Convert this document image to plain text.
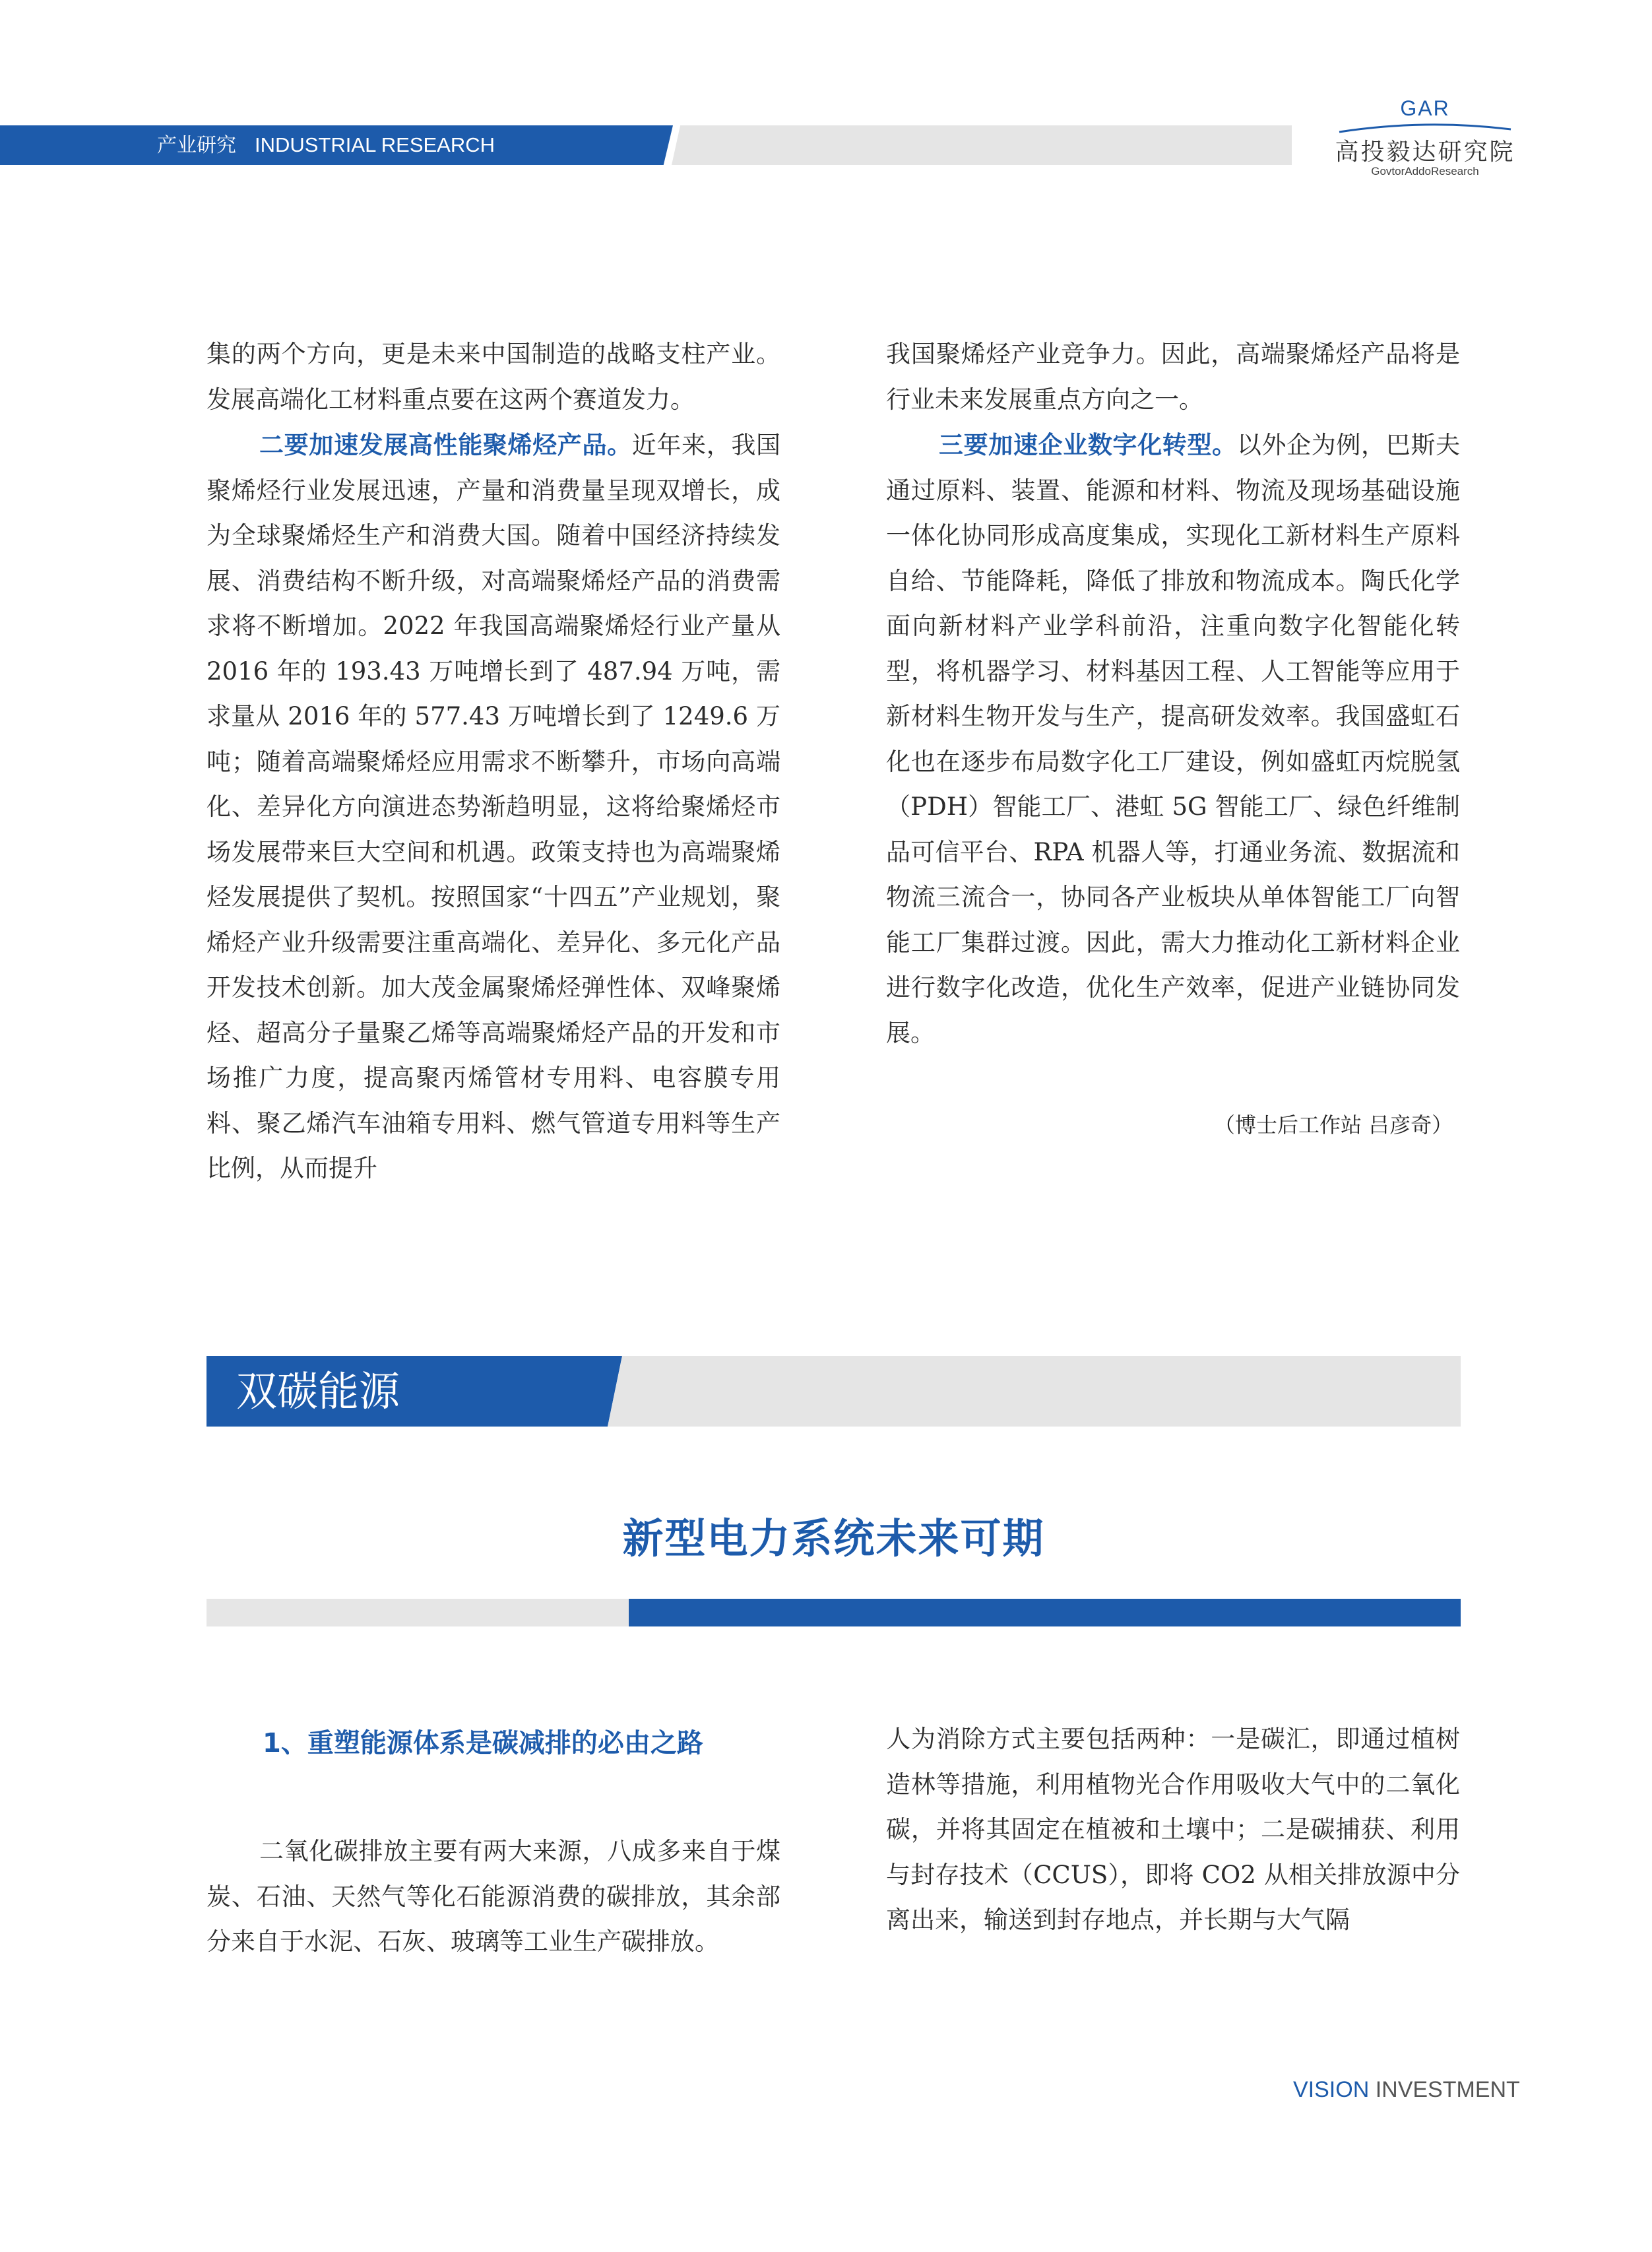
产业研究 INDUSTRIAL RESEARCH
GAR
高投毅达研究院
GovtorAddoResearch

集的两个方向，更是未来中国制造的战略支柱产业。发展高端化工材料重点要在这两个赛道发力。

二要加速发展高性能聚烯烃产品。近年来，我国聚烯烃行业发展迅速，产量和消费量呈现双增长，成为全球聚烯烃生产和消费大国。随着中国经济持续发展、消费结构不断升级，对高端聚烯烃产品的消费需求将不断增加。2022 年我国高端聚烯烃行业产量从 2016 年的 193.43 万吨增长到了 487.94 万吨，需求量从 2016 年的 577.43 万吨增长到了 1249.6 万吨；随着高端聚烯烃应用需求不断攀升，市场向高端化、差异化方向演进态势渐趋明显，这将给聚烯烃市场发展带来巨大空间和机遇。政策支持也为高端聚烯烃发展提供了契机。按照国家“十四五”产业规划，聚烯烃产业升级需要注重高端化、差异化、多元化产品开发技术创新。加大茂金属聚烯烃弹性体、双峰聚烯烃、超高分子量聚乙烯等高端聚烯烃产品的开发和市场推广力度，提高聚丙烯管材专用料、电容膜专用料、聚乙烯汽车油箱专用料、燃气管道专用料等生产比例，从而提升

我国聚烯烃产业竞争力。因此，高端聚烯烃产品将是行业未来发展重点方向之一。

三要加速企业数字化转型。以外企为例，巴斯夫通过原料、装置、能源和材料、物流及现场基础设施一体化协同形成高度集成，实现化工新材料生产原料自给、节能降耗，降低了排放和物流成本。陶氏化学面向新材料产业学科前沿，注重向数字化智能化转型，将机器学习、材料基因工程、人工智能等应用于新材料生物开发与生产，提高研发效率。我国盛虹石化也在逐步布局数字化工厂建设，例如盛虹丙烷脱氢（PDH）智能工厂、港虹 5G 智能工厂、绿色纤维制品可信平台、RPA 机器人等，打通业务流、数据流和物流三流合一，协同各产业板块从单体智能工厂向智能工厂集群过渡。因此，需大力推动化工新材料企业进行数字化改造，优化生产效率，促进产业链协同发展。

（博士后工作站 吕彦奇）
双碳能源
新型电力系统未来可期
1、重塑能源体系是碳减排的必由之路

二氧化碳排放主要有两大来源，八成多来自于煤炭、石油、天然气等化石能源消费的碳排放，其余部分来自于水泥、石灰、玻璃等工业生产碳排放。

人为消除方式主要包括两种：一是碳汇，即通过植树造林等措施，利用植物光合作用吸收大气中的二氧化碳，并将其固定在植被和土壤中；二是碳捕获、利用与封存技术（CCUS），即将 CO2 从相关排放源中分离出来，输送到封存地点，并长期与大气隔

VISION INVESTMENT
